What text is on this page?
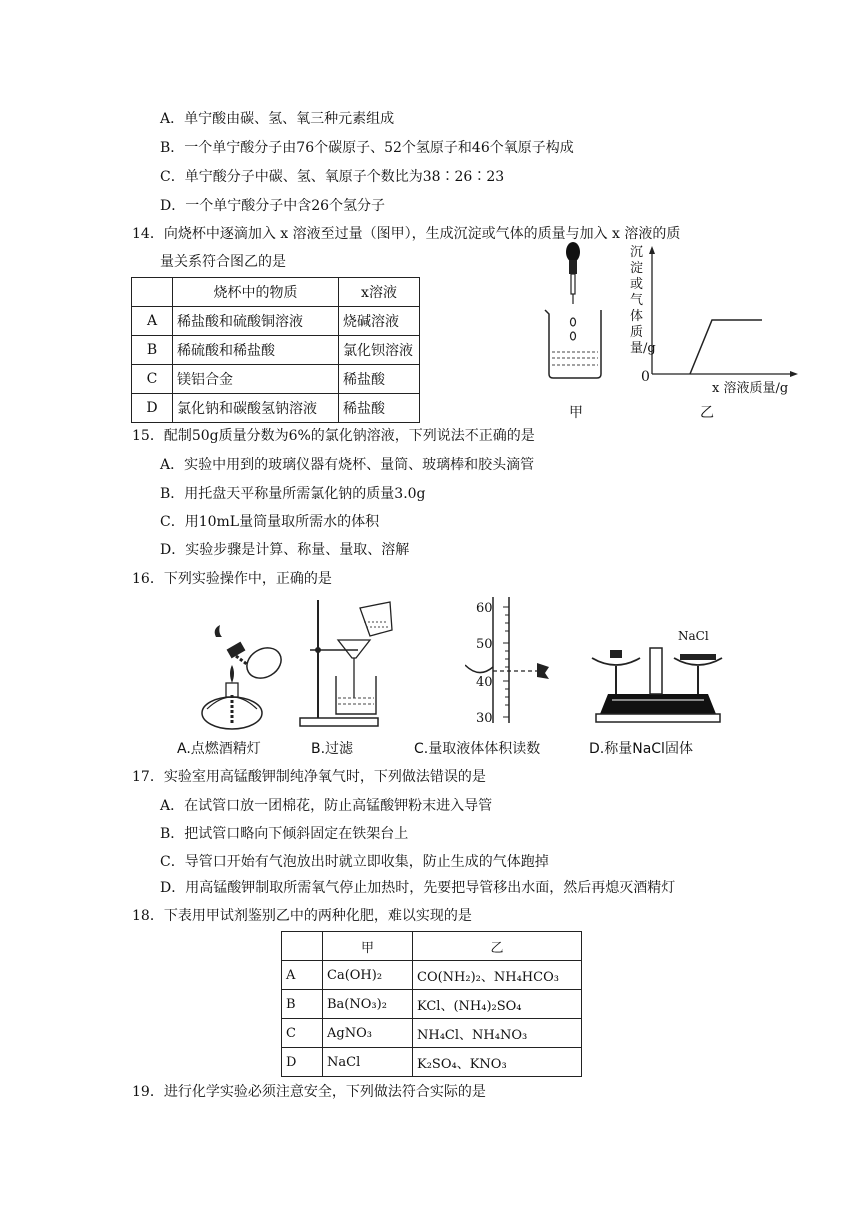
A．单宁酸由碳、氢、氧三种元素组成
B．一个单宁酸分子由76个碳原子、52个氢原子和46个氧原子构成
C．单宁酸分子中碳、氢、氧原子个数比为38∶26∶23
D．一个单宁酸分子中含26个氢分子
14．向烧杯中逐滴加入 x 溶液至过量（图甲），生成沉淀或气体的质量与加入 x 溶液的质
量关系符合图乙的是
	烧杯中的物质	x溶液
A	稀盐酸和硫酸铜溶液	烧碱溶液
B	稀硫酸和稀盐酸	氯化钡溶液
C	镁铝合金	稀盐酸
D	氯化钠和碳酸氢钠溶液	稀盐酸	甲
沉淀或气体质量/g
0
x 溶液质量/g
乙
15．配制50g质量分数为6%的氯化钠溶液，下列说法不正确的是
A．实验中用到的玻璃仪器有烧杯、量筒、玻璃棒和胶头滴管
B．用托盘天平称量所需氯化钠的质量3.0g
C．用10mL量筒量取所需水的体积
D．实验步骤是计算、称量、量取、溶解
16．下列实验操作中，正确的是
60
50
40
30
NaCl
A.点燃酒精灯	B.过滤	C.量取液体体积读数	D.称量NaCl固体
17．实验室用高锰酸钾制纯净氧气时，下列做法错误的是
A．在试管口放一团棉花，防止高锰酸钾粉末进入导管
B．把试管口略向下倾斜固定在铁架台上
C．导管口开始有气泡放出时就立即收集，防止生成的气体跑掉
D．用高锰酸钾制取所需氧气停止加热时，先要把导管移出水面，然后再熄灭酒精灯
18．下表用甲试剂鉴别乙中的两种化肥，难以实现的是
	甲	乙
A	Ca(OH)₂	CO(NH₂)₂、NH₄HCO₃
B	Ba(NO₃)₂	KCl、(NH₄)₂SO₄
C	AgNO₃	NH₄Cl、NH₄NO₃
D	NaCl	K₂SO₄、KNO₃
19．进行化学实验必须注意安全，下列做法符合实际的是
